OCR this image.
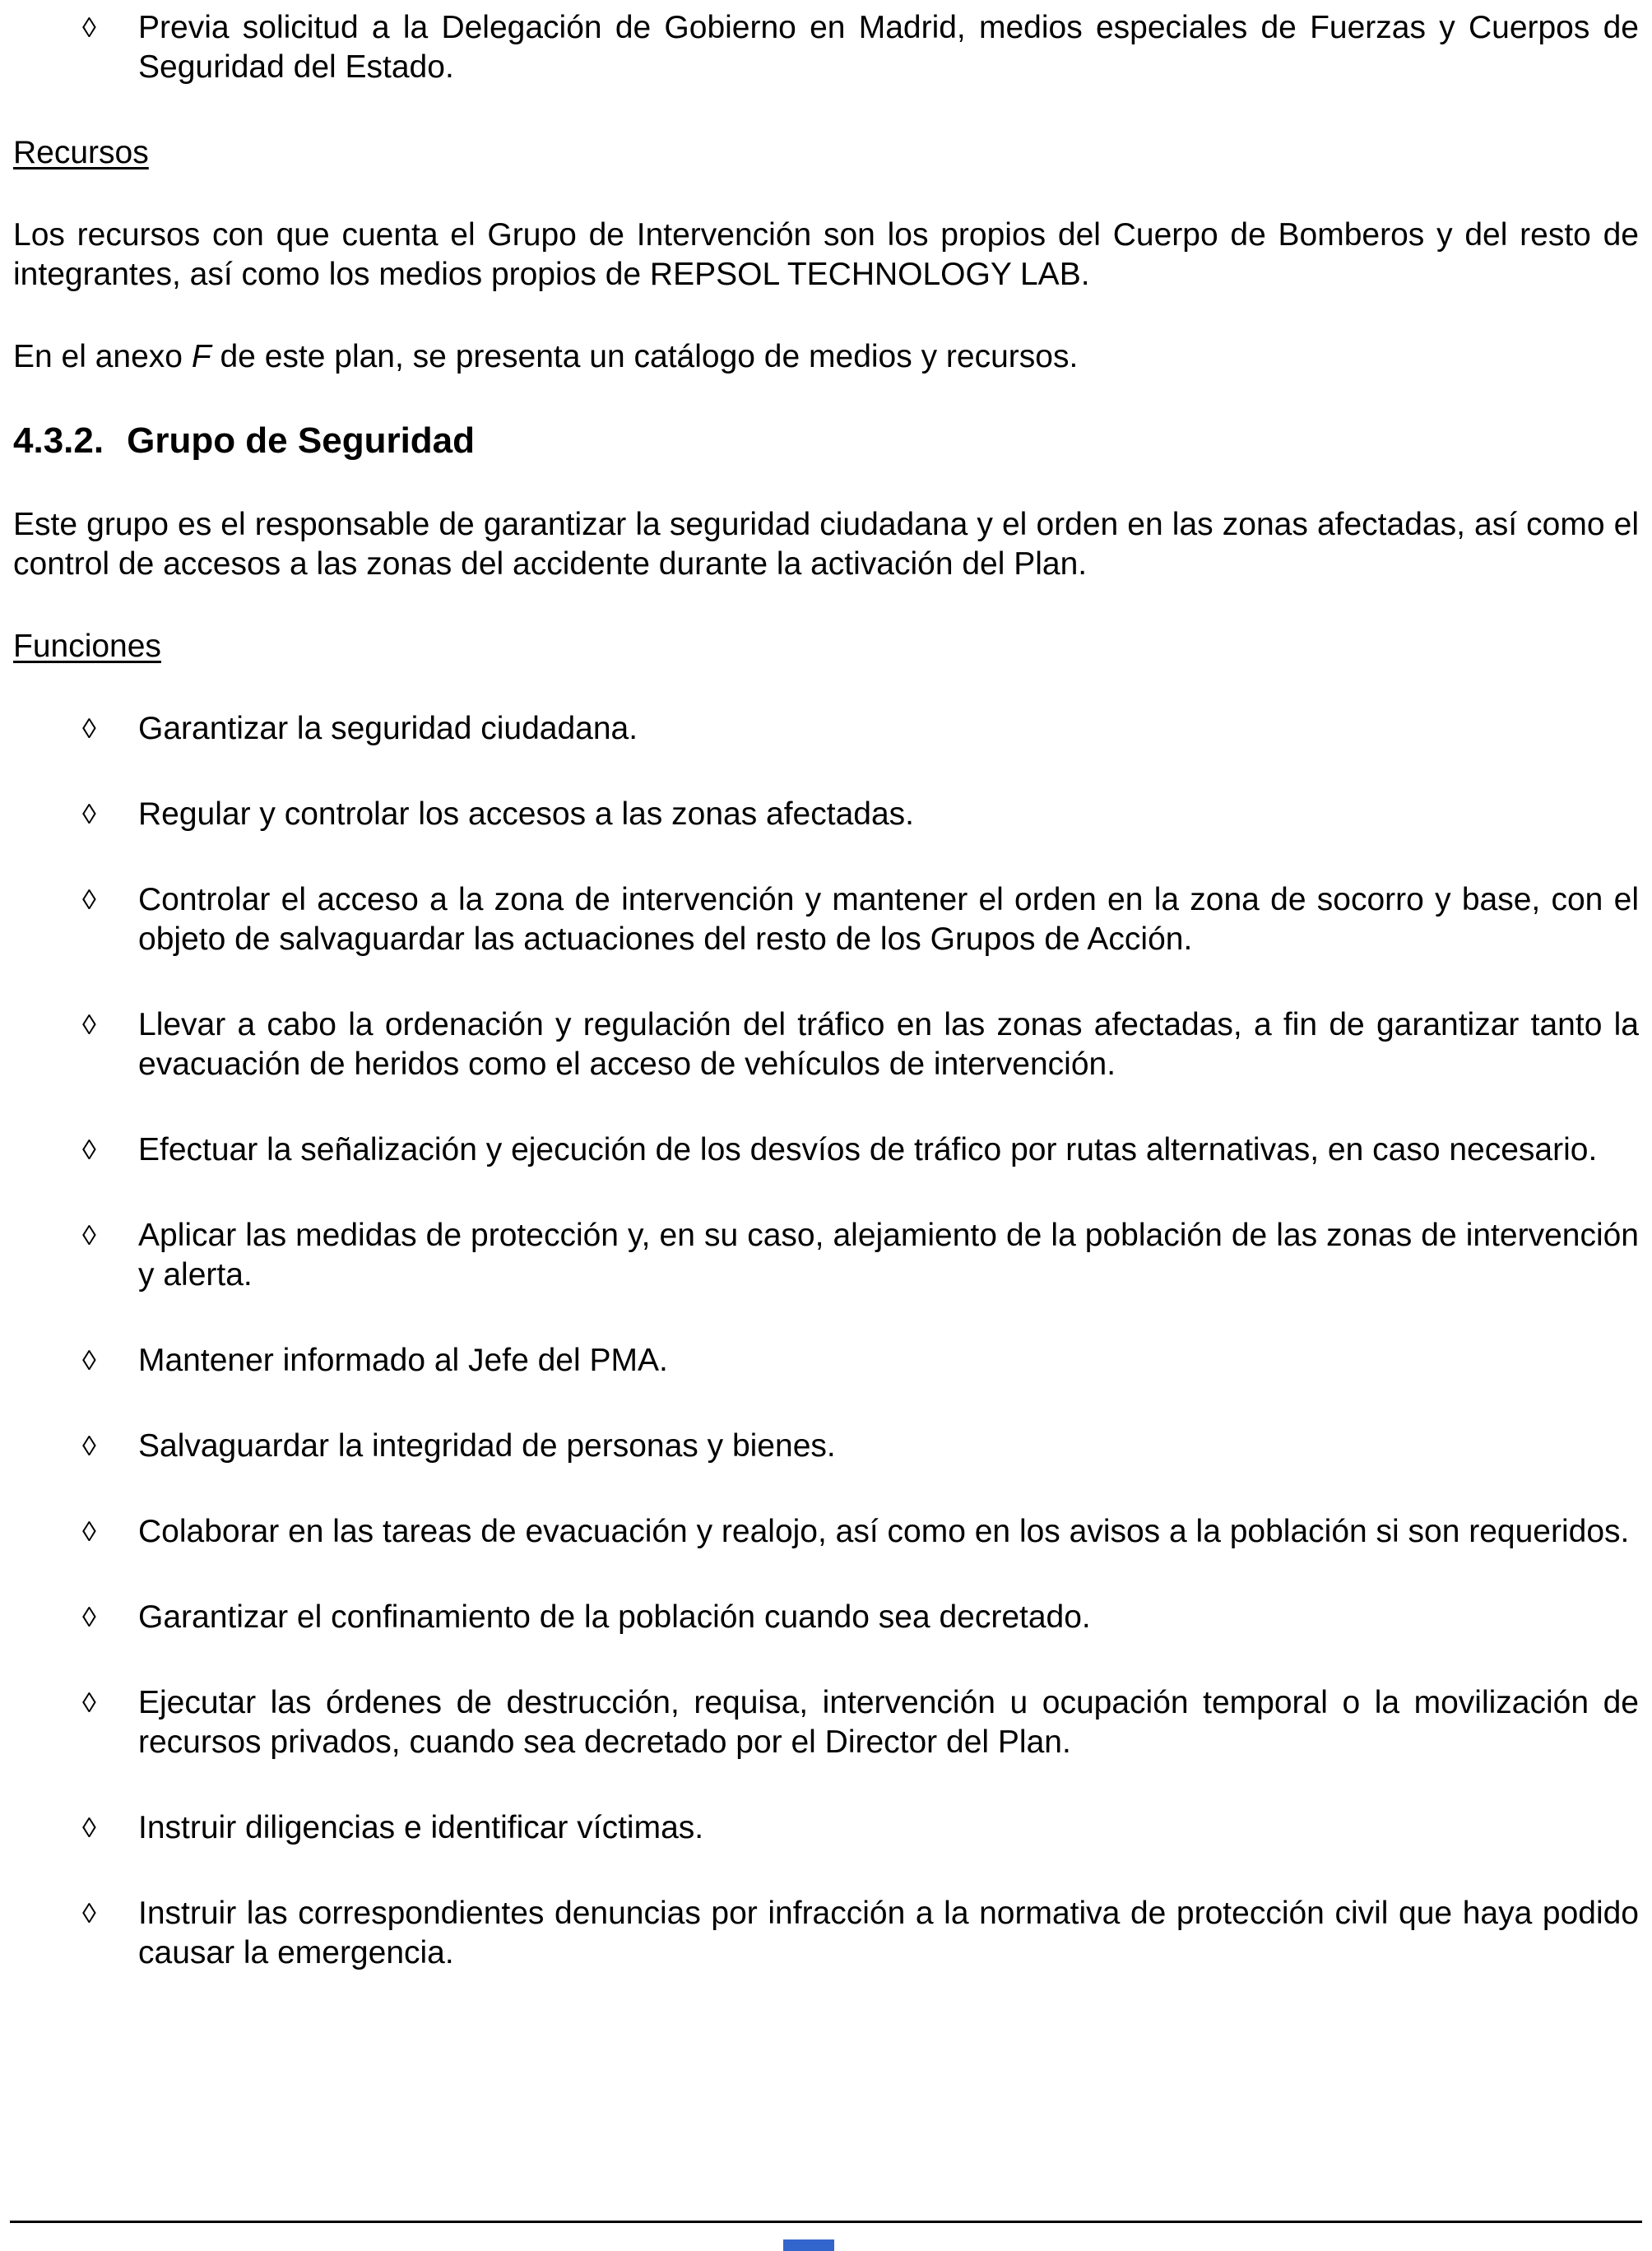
◊	Previa solicitud a la Delegación de Gobierno en Madrid, medios especiales de Fuerzas y Cuerpos de Seguridad del Estado.
Recursos

Los recursos con que cuenta el Grupo de Intervención son los propios del Cuerpo de Bomberos y del resto de integrantes, así como los medios propios de REPSOL TECHNOLOGY LAB.

En el anexo F de este plan, se presenta un catálogo de medios y recursos.

4.3.2. Grupo de Seguridad

Este grupo es el responsable de garantizar la seguridad ciudadana y el orden en las zonas afectadas, así como el control de accesos a las zonas del accidente durante la activación del Plan.

Funciones
◊	Garantizar la seguridad ciudadana.
◊	Regular y controlar los accesos a las zonas afectadas.
◊	Controlar el acceso a la zona de intervención y mantener el orden en la zona de socorro y base, con el objeto de salvaguardar las actuaciones del resto de los Grupos de Acción.
◊	Llevar a cabo la ordenación y regulación del tráfico en las zonas afectadas, a fin de garantizar tanto la evacuación de heridos como el acceso de vehículos de intervención.
◊	Efectuar la señalización y ejecución de los desvíos de tráfico por rutas alternativas, en caso necesario.
◊	Aplicar las medidas de protección y, en su caso, alejamiento de la población de las zonas de intervención y alerta.
◊	Mantener informado al Jefe del PMA.
◊	Salvaguardar la integridad de personas y bienes.
◊	Colaborar en las tareas de evacuación y realojo, así como en los avisos a la población si son requeridos.
◊	Garantizar el confinamiento de la población cuando sea decretado.
◊	Ejecutar las órdenes de destrucción, requisa, intervención u ocupación temporal o la movilización de recursos privados, cuando sea decretado por el Director del Plan.
◊	Instruir diligencias e identificar víctimas.
◊	Instruir las correspondientes denuncias por infracción a la normativa de protección civil que haya podido causar la emergencia.
